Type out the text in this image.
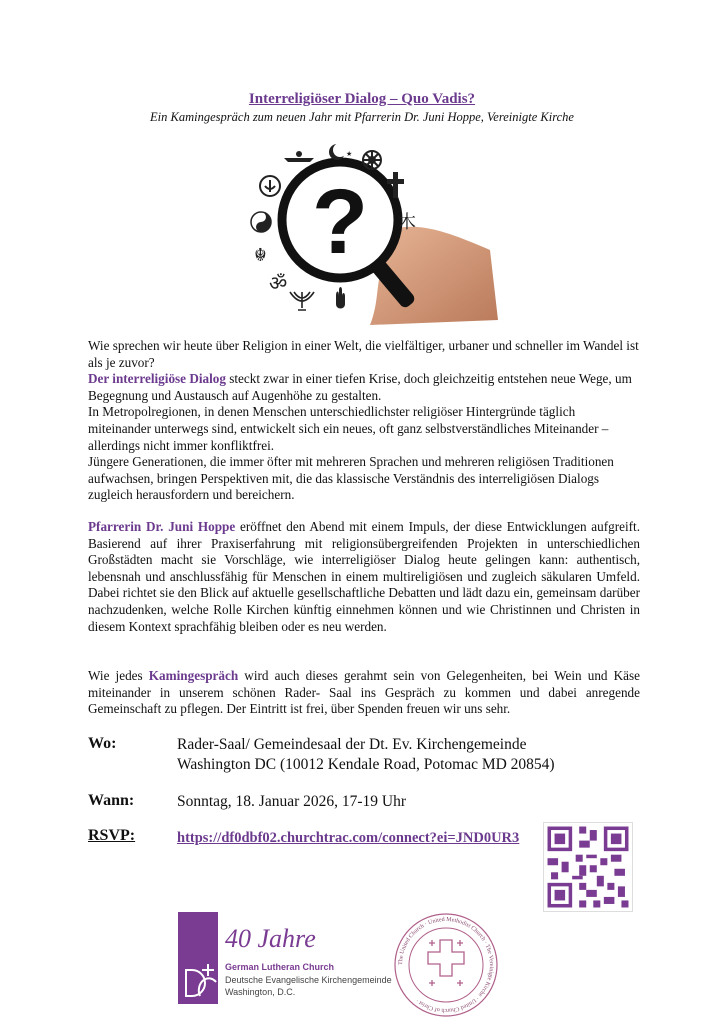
Interreligiöser Dialog – Quo Vadis?
Ein Kamingespräch zum neuen Jahr mit Pfarrerin Dr. Juni Hoppe, Vereinigte Kirche
?
★
☬
ॐ
木
Wie sprechen wir heute über Religion in einer Welt, die vielfältiger, urbaner und schneller im Wandel ist als je zuvor?
Der interreligiöse Dialog steckt zwar in einer tiefen Krise, doch gleichzeitig entstehen neue Wege, um Begegnung und Austausch auf Augenhöhe zu gestalten.
In Metropolregionen, in denen Menschen unterschiedlichster religiöser Hintergründe täglich miteinander unterwegs sind, entwickelt sich ein neues, oft ganz selbstverständliches Miteinander –allerdings nicht immer konfliktfrei.
Jüngere Generationen, die immer öfter mit mehreren Sprachen und mehreren religiösen Traditionen aufwachsen, bringen Perspektiven mit, die das klassische Verständnis des interreligiösen Dialogs zugleich herausfordern und bereichern.
Pfarrerin Dr. Juni Hoppe eröffnet den Abend mit einem Impuls, der diese Entwicklungen aufgreift. Basierend auf ihrer Praxiserfahrung mit religionsübergreifenden Projekten in unterschiedlichen Großstädten macht sie Vorschläge, wie interreligiöser Dialog heute gelingen kann: authentisch, lebensnah und anschlussfähig für Menschen in einem multireligiösen und zugleich säkularen Umfeld. Dabei richtet sie den Blick auf aktuelle gesellschaftliche Debatten und lädt dazu ein, gemeinsam darüber nachzudenken, welche Rolle Kirchen künftig einnehmen können und wie Christinnen und Christen in diesem Kontext sprachfähig bleiben oder es neu werden.
Wie jedes Kamingespräch wird auch dieses gerahmt sein von Gelegenheiten, bei Wein und Käse miteinander in unserem schönen Rader- Saal ins Gespräch zu kommen und dabei anregende Gemeinschaft zu pflegen. Der Eintritt ist frei, über Spenden freuen wir uns sehr.
Wo:	Rader-Saal/ Gemeindesaal der Dt. Ev. Kirchengemeinde
Washington DC (10012 Kendale Road, Potomac MD 20854)
Wann:	Sonntag, 18. Januar 2026, 17-19 Uhr
RSVP:	https://df0dbf02.churchtrac.com/connect?ei=JND0UR3
40 Jahre
German Lutheran Church
Deutsche Evangelische Kirchengemeinde
Washington, D.C.
The United Church · United Methodist Church · The Vereinigte Kirche · United Church of Christ ·
